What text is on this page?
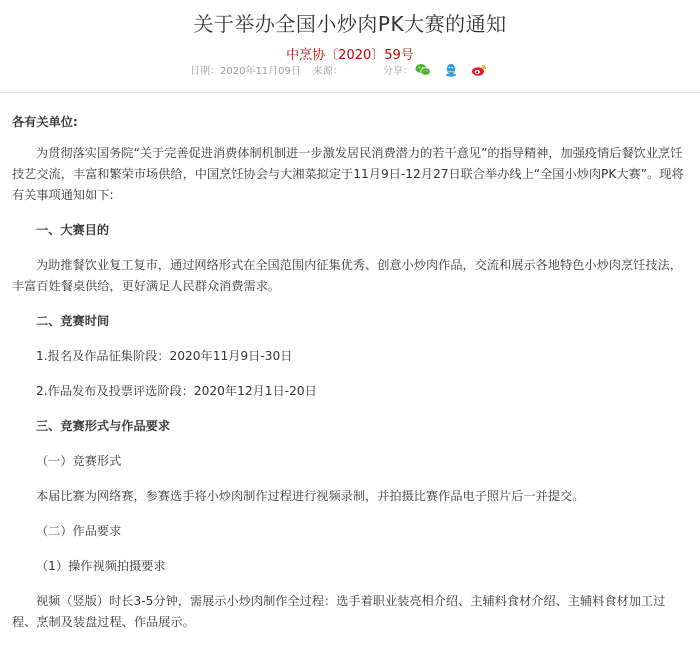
关于举办全国小炒肉PK大赛的通知
中烹协〔2020〕59号
日期：2020年11月09日 来源：	分享：

各有关单位:

为贯彻落实国务院“关于完善促进消费体制机制进一步激发居民消费潜力的若干意见”的指导精神，加强疫情后餐饮业烹饪技艺交流，丰富和繁荣市场供给，中国烹饪协会与大湘菜拟定于11月9日-12月27日联合举办线上“全国小炒肉PK大赛”。现将有关事项通知如下:

一、大赛目的

为助推餐饮业复工复市，通过网络形式在全国范围内征集优秀、创意小炒肉作品，交流和展示各地特色小炒肉烹饪技法，丰富百姓餐桌供给，更好满足人民群众消费需求。

二、竞赛时间

1.报名及作品征集阶段：2020年11月9日-30日

2.作品发布及投票评选阶段：2020年12月1日-20日

三、竞赛形式与作品要求

（一）竞赛形式

本届比赛为网络赛，参赛选手将小炒肉制作过程进行视频录制，并拍摄比赛作品电子照片后一并提交。

（二）作品要求

（1）操作视频拍摄要求

视频（竖版）时长3-5分钟，需展示小炒肉制作全过程：选手着职业装亮相介绍、主辅料食材介绍、主辅料食材加工过程、烹制及装盘过程、作品展示。
